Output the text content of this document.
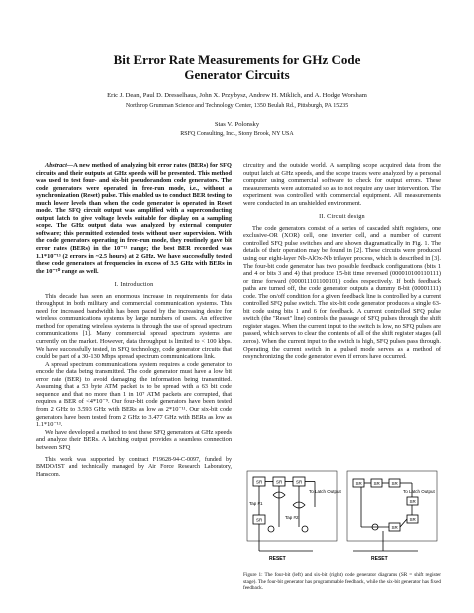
Bit Error Rate Measurements for GHz Code
Generator Circuits
Eric J. Dean, Paul D. Dresselhaus, John X. Przybysz, Andrew H. Miklich, and A. Hodge Worsham
Northrop Grumman Science and Technology Center, 1350 Beulah Rd., Pittsburgh, PA 15235
Stas V. Polonsky
RSFQ Consulting, Inc., Stony Brook, NY USA

Abstract—A new method of analyzing bit error rates (BERs) for SFQ circuits and their outputs at GHz speeds will be presented. This method was used to test four- and six-bit pseudorandom code generators. The code generators were operated in free-run mode, i.e., without a synchronization (Reset) pulse. This enabled us to conduct BER testing to much lower levels than when the code generator is operated in Reset mode. The SFQ circuit output was amplified with a superconducting output latch to give voltage levels suitable for display on a sampling scope. The GHz output data was analyzed by external computer software; this permitted extended tests without user supervision. With the code generators operating in free-run mode, they routinely gave bit error rates (BERs) in the 10⁻¹¹ range; the best BER recorded was 1.1*10⁻¹³ (2 errors in ~2.5 hours) at 2 GHz. We have successfully tested these code generators at frequencies in excess of 3.5 GHz with BERs in the 10⁻¹⁰ range as well.

I. Introduction

This decade has seen an enormous increase in requirements for data throughput in both military and commercial communication systems. This need for increased bandwidth has been paced by the increasing desire for wireless communications systems by large numbers of users. An effective method for operating wireless systems is through the use of spread spectrum communications [1]. Many commercial spread spectrum systems are currently on the market. However, data throughput is limited to < 100 kbps. We have successfully tested, in SFQ technology, code generator circuits that could be part of a 30-130 Mbps spread spectrum communications link.

A spread spectrum communications system requires a code generator to encode the data being transmitted. The code generator must have a low bit error rate (BER) to avoid damaging the information being transmitted. Assuming that a 53 byte ATM packet is to be spread with a 63 bit code sequence and that no more than 1 in 10⁷ ATM packets are corrupted, that requires a BER of <4*10⁻⁹. Our four-bit code generators have been tested from 2 GHz to 3.593 GHz with BERs as low as 2*10⁻¹¹. Our six-bit code generators have been tested from 2 GHz to 3.477 GHz with BERs as low as 1.1*10⁻¹³.

We have developed a method to test these SFQ generators at GHz speeds and analyze their BERs. A latching output provides a seamless connection between SFQ

This work was supported by contract F19628-94-C-0097, funded by BMDO/IST and technically managed by Air Force Research Laboratory, Hanscom.

circuitry and the outside world. A sampling scope acquired data from the output latch at GHz speeds, and the scope traces were analyzed by a personal computer using commercial software to check for output errors. These measurements were automated so as to not require any user intervention. The experiment was controlled with commercial equipment. All measurements were conducted in an unshielded environment.

II. Circuit design

The code generators consist of a series of cascaded shift registers, one exclusive-OR (XOR) cell, one inverter cell, and a number of current controlled SFQ pulse switches and are shown diagramatically in Fig. 1. The details of their operation may be found in [2]. These circuits were produced using our eight-layer Nb-AlOx-Nb trilayer process, which is described in [3]. The four-bit code generator has two possible feedback configurations (bits 1 and 4 or bits 3 and 4) that produce 15-bit time reversed (000010100110111) or time forward (000011101100101) codes respectively. If both feedback paths are turned off, the code generator outputs a dummy 8-bit (00001111) code. The on/off condition for a given feedback line is controlled by a current controlled SFQ pulse switch. The six-bit code generator produces a single 63-bit code using bits 1 and 6 for feedback. A current controlled SFQ pulse switch (the "Reset" line) controls the passage of SFQ pulses through the shift register stages. When the current input to the switch is low, no SFQ pulses are passed, which serves to clear the contents of all of the shift register stages (all zeros). When the current input to the switch is high, SFQ pulses pass through. Operating the current switch in a pulsed mode serves as a method of resynchronizing the code generator even if errors have occurred.

SR	SR	SR
SR
SR	SR	SR
SR
SR
SR
Tap #1
Tap #2
To Latch Output	To Latch Output
RESET	RESET
Figure 1: The four-bit (left) and six-bit (right) code generator diagrams (SR = shift register stage). The four-bit generator has programmable feedback, while the six-bit generator has fixed feedback.
